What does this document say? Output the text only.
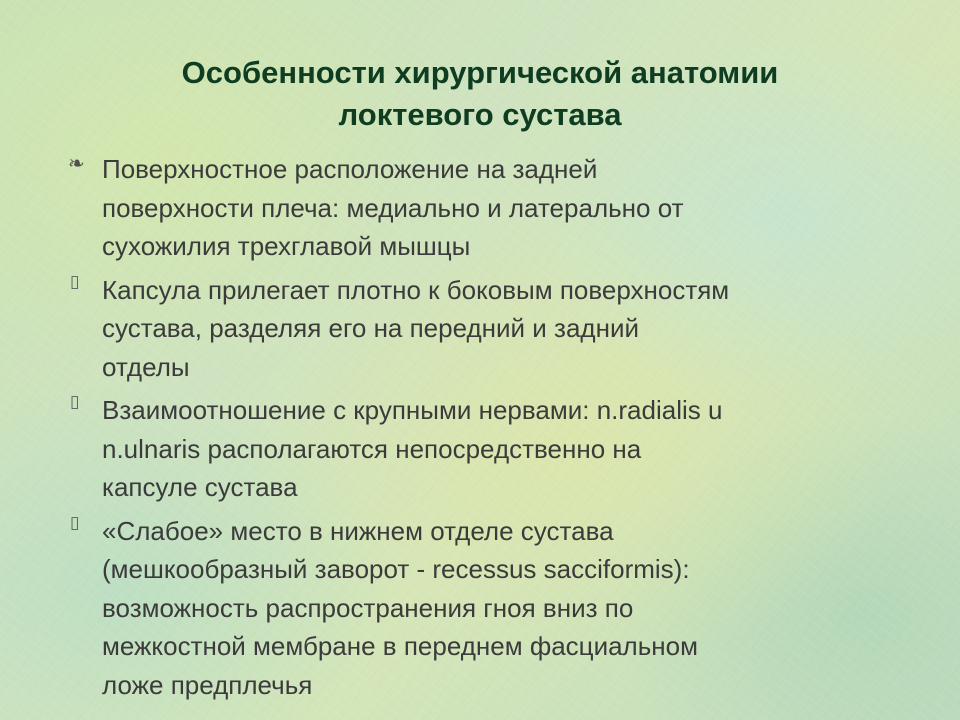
Особенности хирургической анатомии
локтевого сустава
❧ Поверхностное расположение на задней
поверхности плеча: медиально и латерально от
сухожилия трехглавой мышцы
▯ Капсула прилегает плотно к боковым поверхностям
сустава, разделяя его на передний и задний
отделы
▯ Взаимоотношение с крупными нервами: n.radialis u
n.ulnaris располагаются непосредственно на
капсуле сустава
▯ «Слабое» место в нижнем отделе сустава
(мешкообразный заворот - recessus sacciformis):
возможность распространения гноя вниз по
межкостной мембране в переднем фасциальном
ложе предплечья
